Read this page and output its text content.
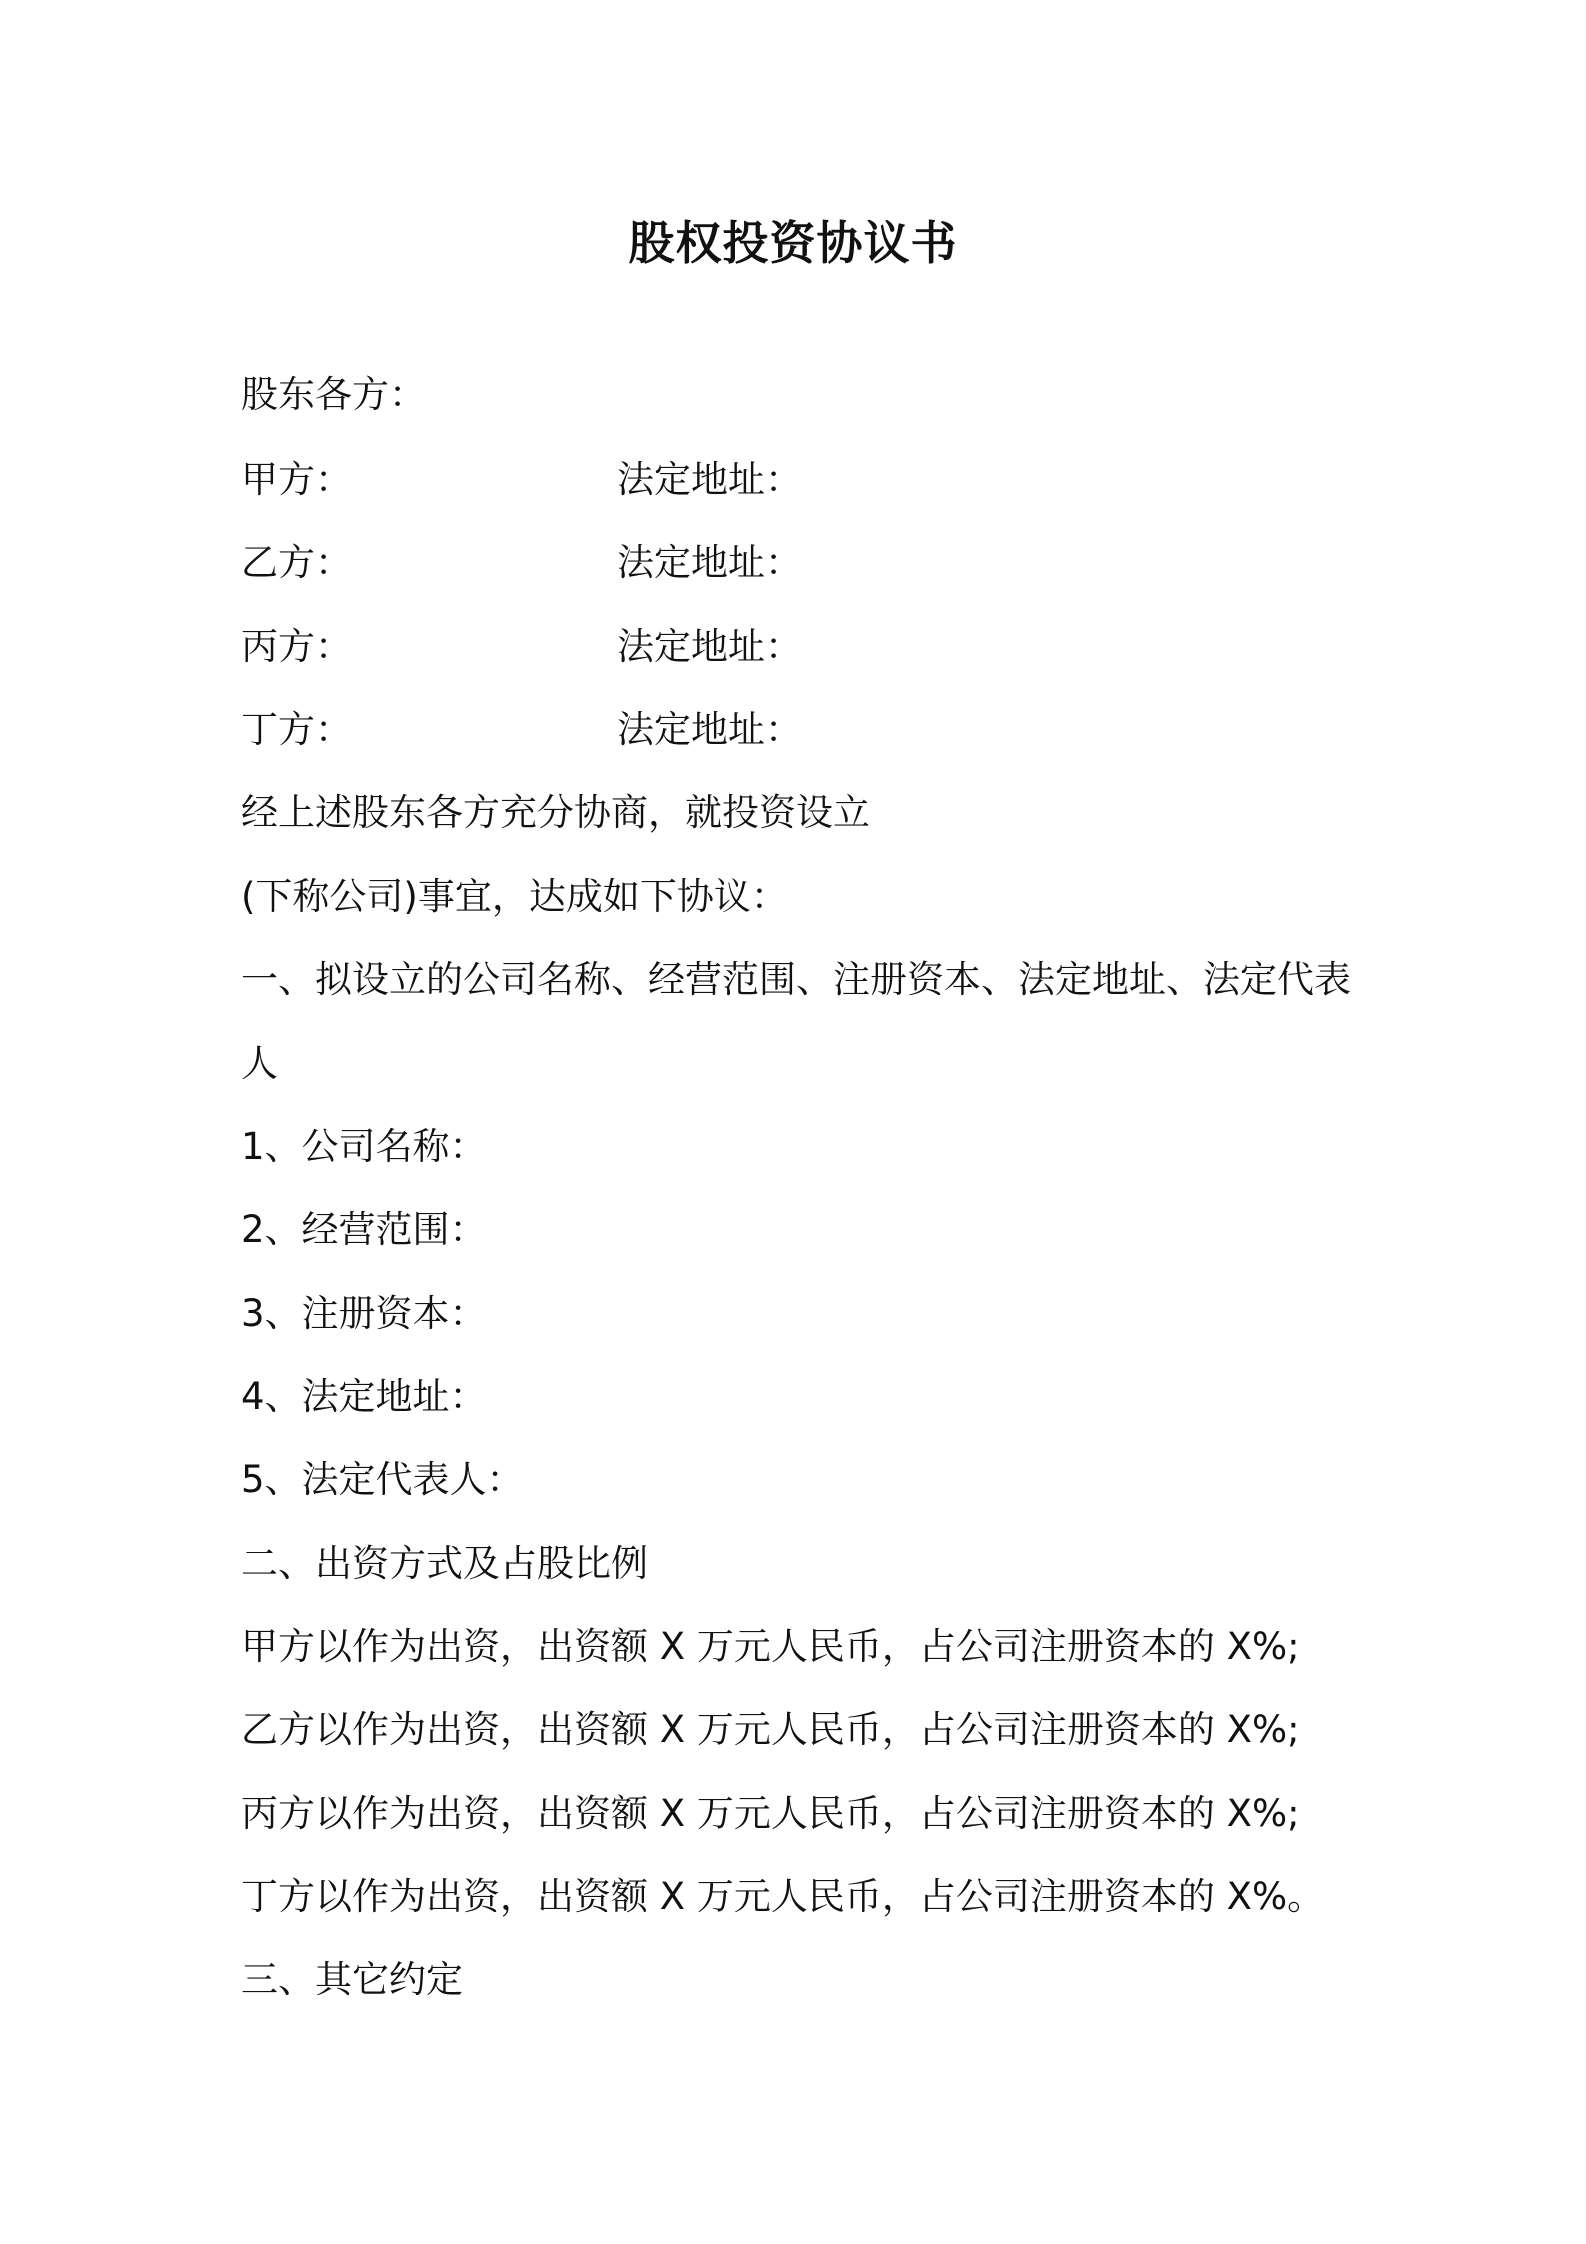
股权投资协议书
股东各方：
甲方：	法定地址：
乙方：	法定地址：
丙方：	法定地址：
丁方：	法定地址：
经上述股东各方充分协商，就投资设立
(下称公司)事宜，达成如下协议：
一、拟设立的公司名称、经营范围、注册资本、法定地址、法定代表
人
1、公司名称：
2、经营范围：
3、注册资本：
4、法定地址：
5、法定代表人：
二、出资方式及占股比例
甲方以作为出资，出资额 X 万元人民币，占公司注册资本的 X%;
乙方以作为出资，出资额 X 万元人民币，占公司注册资本的 X%;
丙方以作为出资，出资额 X 万元人民币，占公司注册资本的 X%;
丁方以作为出资，出资额 X 万元人民币，占公司注册资本的 X%。
三、其它约定
